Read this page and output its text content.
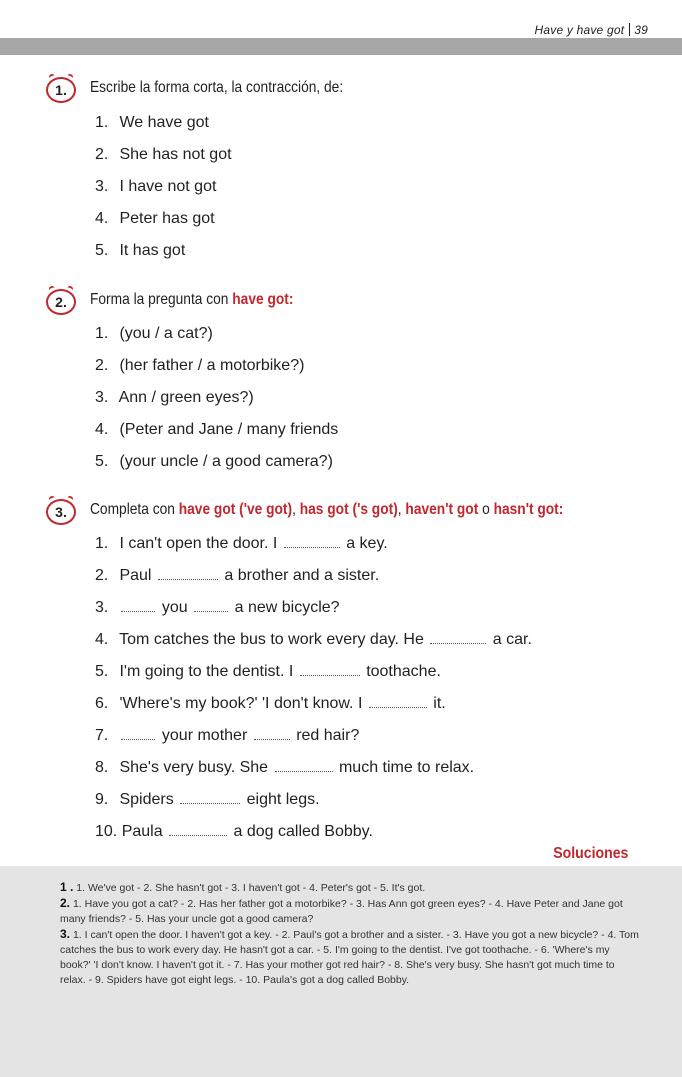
Have y have got 39
1. Escribe la forma corta, la contracción, de:
1. We have got
2. She has not got
3. I have not got
4. Peter has got
5. It has got
2. Forma la pregunta con have got:
1. (you / a cat?)
2. (her father / a motorbike?)
3. Ann / green eyes?)
4. (Peter and Jane / many friends
5. (your uncle / a good camera?)
3. Completa con have got ('ve got), has got ('s got), haven't got o hasn't got:
1. I can't open the door. I	a key.
2. Paul	a brother and a sister.
3.	you	a new bicycle?
4. Tom catches the bus to work every day. He	a car.
5. I'm going to the dentist. I	toothache.
6. 'Where's my book?' 'I don't know. I	it.
7.	your mother	red hair?
8. She's very busy. She	much time to relax.
9. Spiders	eight legs.
10. Paula	a dog called Bobby.
Soluciones
1 . 1. We've got - 2. She hasn't got - 3. I haven't got - 4. Peter's got - 5. It's got.
2. 1. Have you got a cat? - 2. Has her father got a motorbike? - 3. Has Ann got green eyes? - 4. Have Peter and Jane got many friends? - 5. Has your uncle got a good camera?
3. 1. I can't open the door. I haven't got a key. - 2. Paul's got a brother and a sister. - 3. Have you got a new bicycle? - 4. Tom catches the bus to work every day. He hasn't got a car. - 5. I'm going to the dentist. I've got toothache. - 6. 'Where's my book?' 'I don't know. I haven't got it. - 7. Has your mother got red hair? - 8. She's very busy. She hasn't got much time to relax. - 9. Spiders have got eight legs. - 10. Paula's got a dog called Bobby.
